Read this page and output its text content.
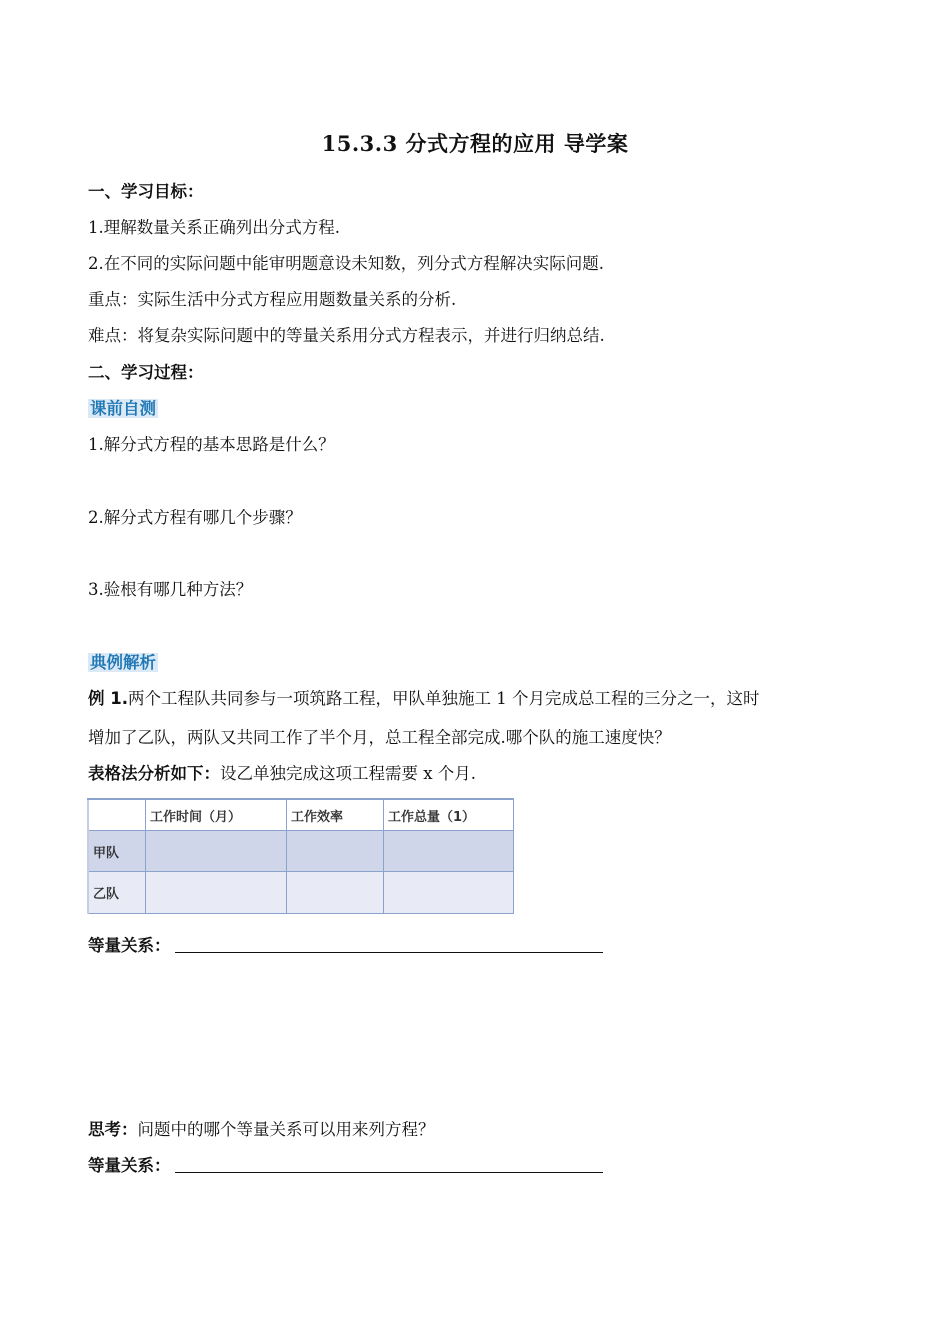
15.3.3 分式方程的应用 导学案
一、学习目标：
1.理解数量关系正确列出分式方程.
2.在不同的实际问题中能审明题意设未知数，列分式方程解决实际问题.
重点：实际生活中分式方程应用题数量关系的分析.
难点：将复杂实际问题中的等量关系用分式方程表示，并进行归纳总结.
二、学习过程：
课前自测
1.解分式方程的基本思路是什么？
2.解分式方程有哪几个步骤？
3.验根有哪几种方法？
典例解析
例 1.两个工程队共同参与一项筑路工程，甲队单独施工 1 个月完成总工程的三分之一，这时
增加了乙队，两队又共同工作了半个月，总工程全部完成.哪个队的施工速度快？
表格法分析如下：设乙单独完成这项工程需要 x 个月.
	工作时间（月）	工作效率	工作总量（1）
甲队			
乙队			
等量关系：
思考：问题中的哪个等量关系可以用来列方程？
等量关系：
